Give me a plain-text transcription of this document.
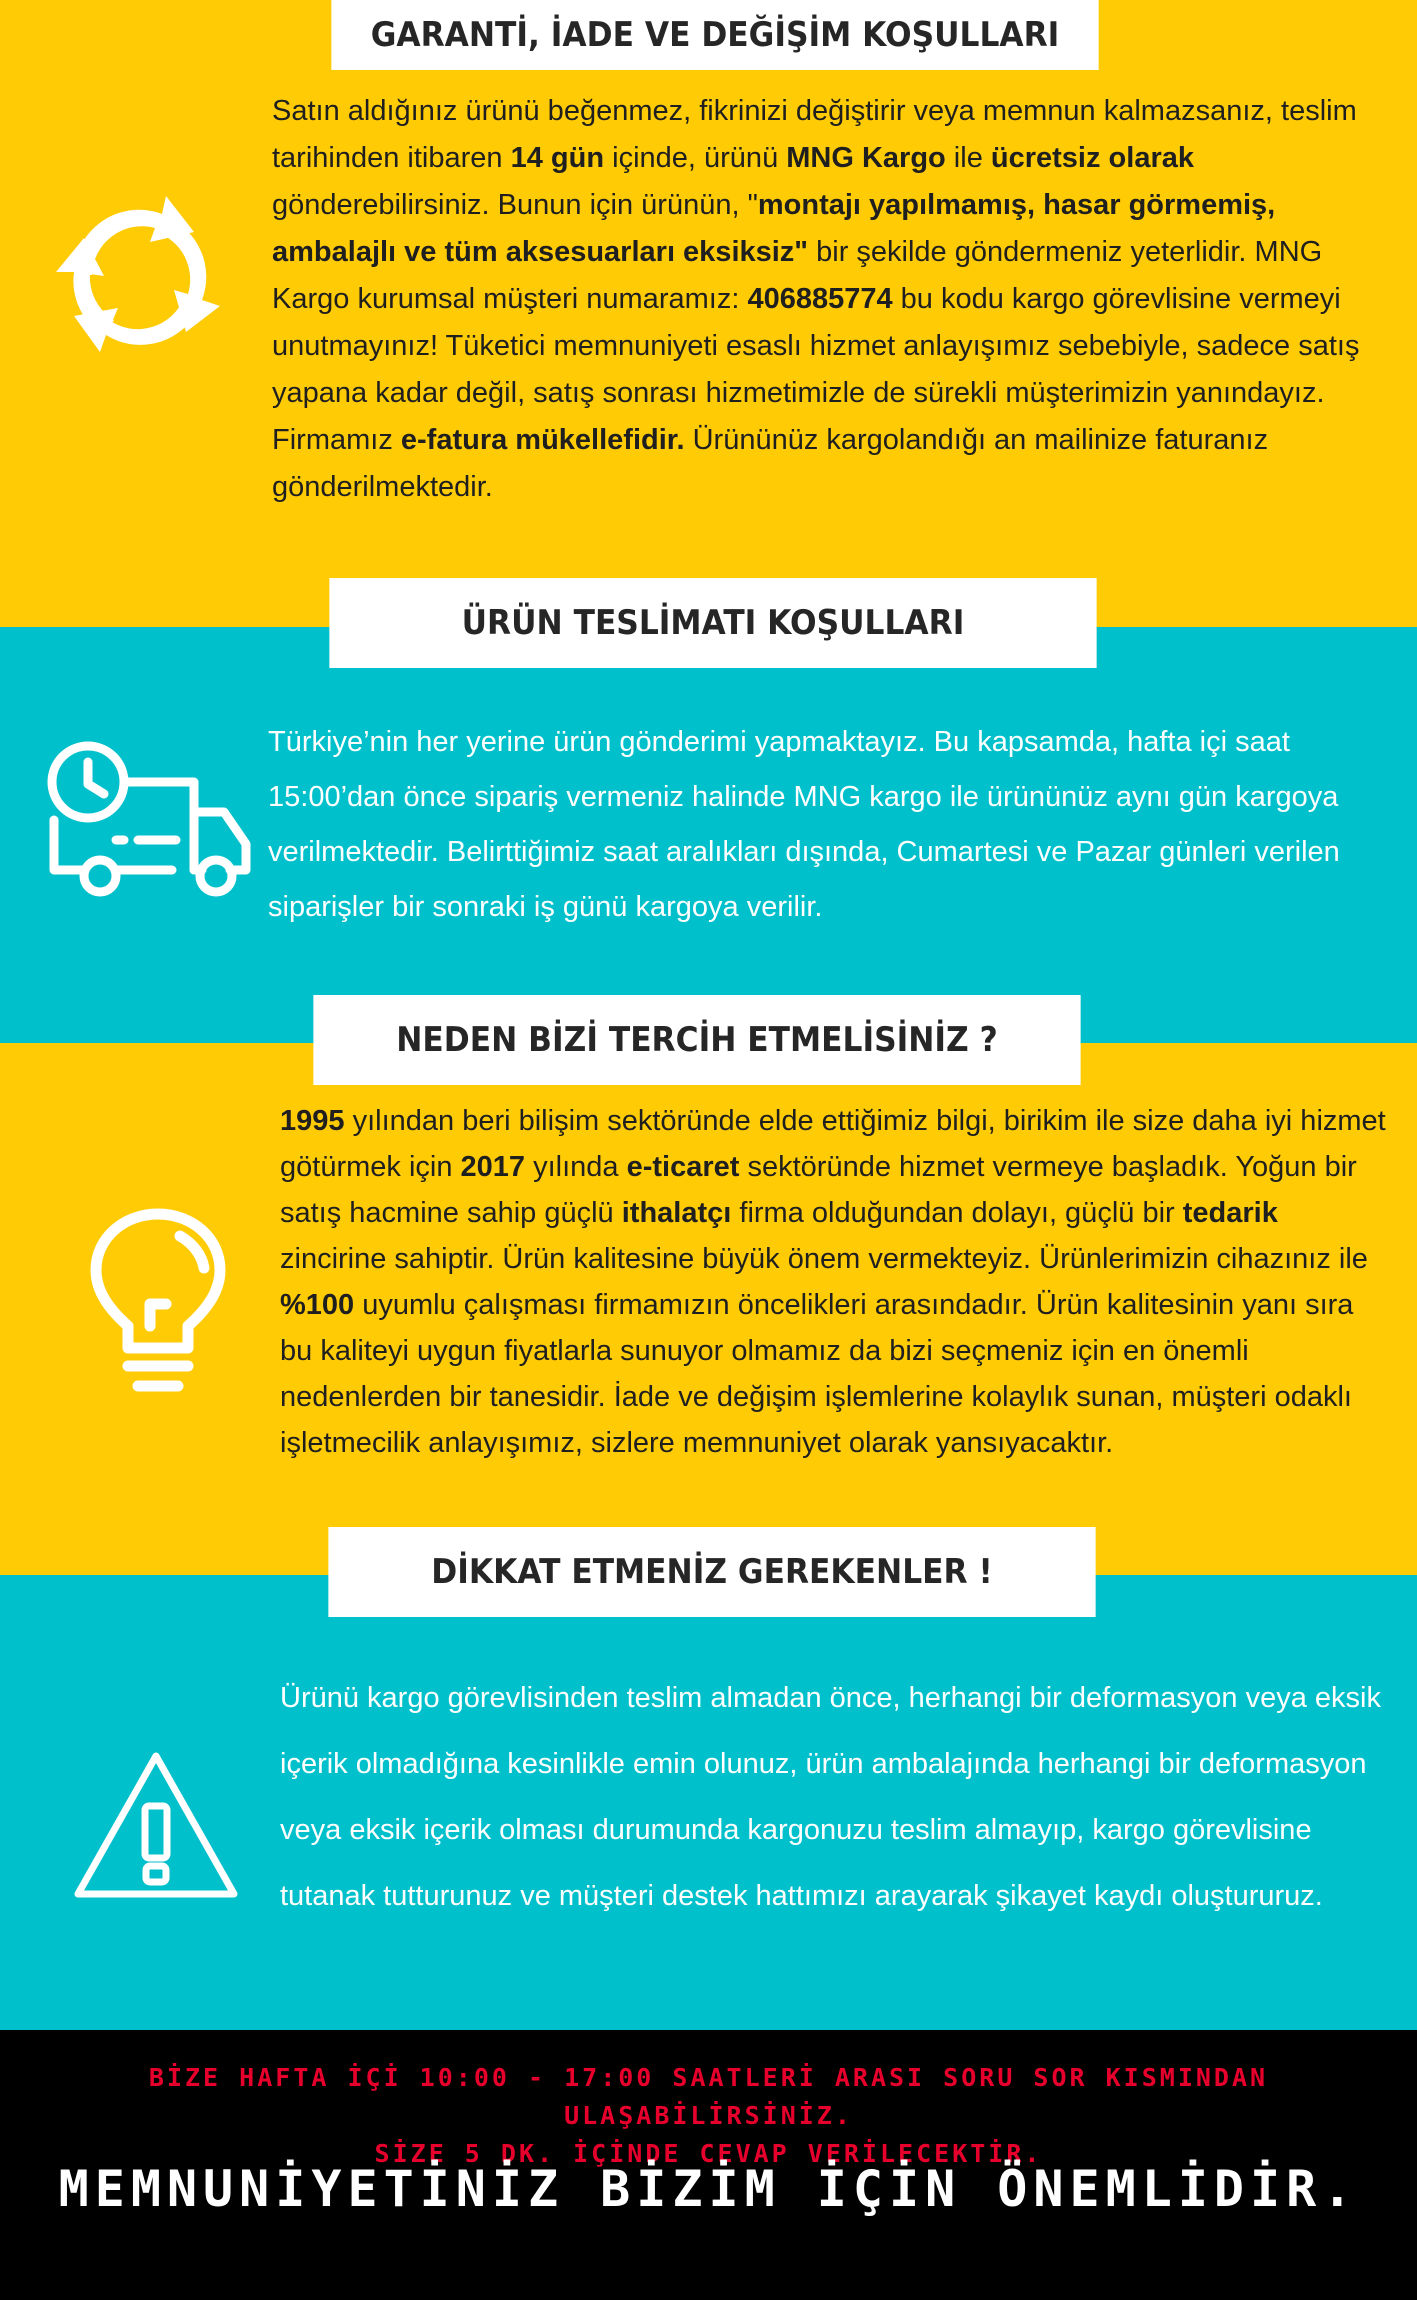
GARANTİ, İADE VE DEĞİŞİM KOŞULLARI
Satın aldığınız ürünü beğenmez, fikrinizi değiştirir veya memnun kalmazsanız, teslim tarihinden itibaren 14 gün içinde, ürünü MNG Kargo ile ücretsiz olarak gönderebilirsiniz. Bunun için ürünün, "montajı yapılmamış, hasar görmemiş, ambalajlı ve tüm aksesuarları eksiksiz" bir şekilde göndermeniz yeterlidir. MNG Kargo kurumsal müşteri numaramız: 406885774 bu kodu kargo görevlisine vermeyi unutmayınız! Tüketici memnuniyeti esaslı hizmet anlayışımız sebebiyle, sadece satış yapana kadar değil, satış sonrası hizmetimizle de sürekli müşterimizin yanındayız. Firmamız e-fatura mükellefidir. Ürününüz kargolandığı an mailinize faturanız gönderilmektedir.
ÜRÜN TESLİMATI KOŞULLARI
Türkiye’nin her yerine ürün gönderimi yapmaktayız. Bu kapsamda, hafta içi saat 15:00’dan önce sipariş vermeniz halinde MNG kargo ile ürününüz aynı gün kargoya verilmektedir. Belirttiğimiz saat aralıkları dışında, Cumartesi ve Pazar günleri verilen siparişler bir sonraki iş günü kargoya verilir.
NEDEN BİZİ TERCİH ETMELİSİNİZ ?
1995 yılından beri bilişim sektöründe elde ettiğimiz bilgi, birikim ile size daha iyi hizmet götürmek için 2017 yılında e-ticaret sektöründe hizmet vermeye başladık. Yoğun bir satış hacmine sahip güçlü ithalatçı firma olduğundan dolayı, güçlü bir tedarik zincirine sahiptir. Ürün kalitesine büyük önem vermekteyiz. Ürünlerimizin cihazınız ile %100 uyumlu çalışması firmamızın öncelikleri arasındadır. Ürün kalitesinin yanı sıra bu kaliteyi uygun fiyatlarla sunuyor olmamız da bizi seçmeniz için en önemli nedenlerden bir tanesidir. İade ve değişim işlemlerine kolaylık sunan, müşteri odaklı işletmecilik anlayışımız, sizlere memnuniyet olarak yansıyacaktır.
DİKKAT ETMENİZ GEREKENLER !
Ürünü kargo görevlisinden teslim almadan önce, herhangi bir deformasyon veya eksik içerik olmadığına kesinlikle emin olunuz, ürün ambalajında herhangi bir deformasyon veya eksik içerik olması durumunda kargonuzu teslim almayıp, kargo görevlisine tutanak tutturunuz ve müşteri destek hattımızı arayarak şikayet kaydı oluştururuz.
BİZE HAFTA İÇİ 10:00 - 17:00 SAATLERİ ARASI SORU SOR KISMINDAN ULAŞABİLİRSİNİZ.
SİZE 5 DK. İÇİNDE CEVAP VERİLECEKTİR.
MEMNUNİYETİNİZ BİZİM İÇİN ÖNEMLİDİR.
